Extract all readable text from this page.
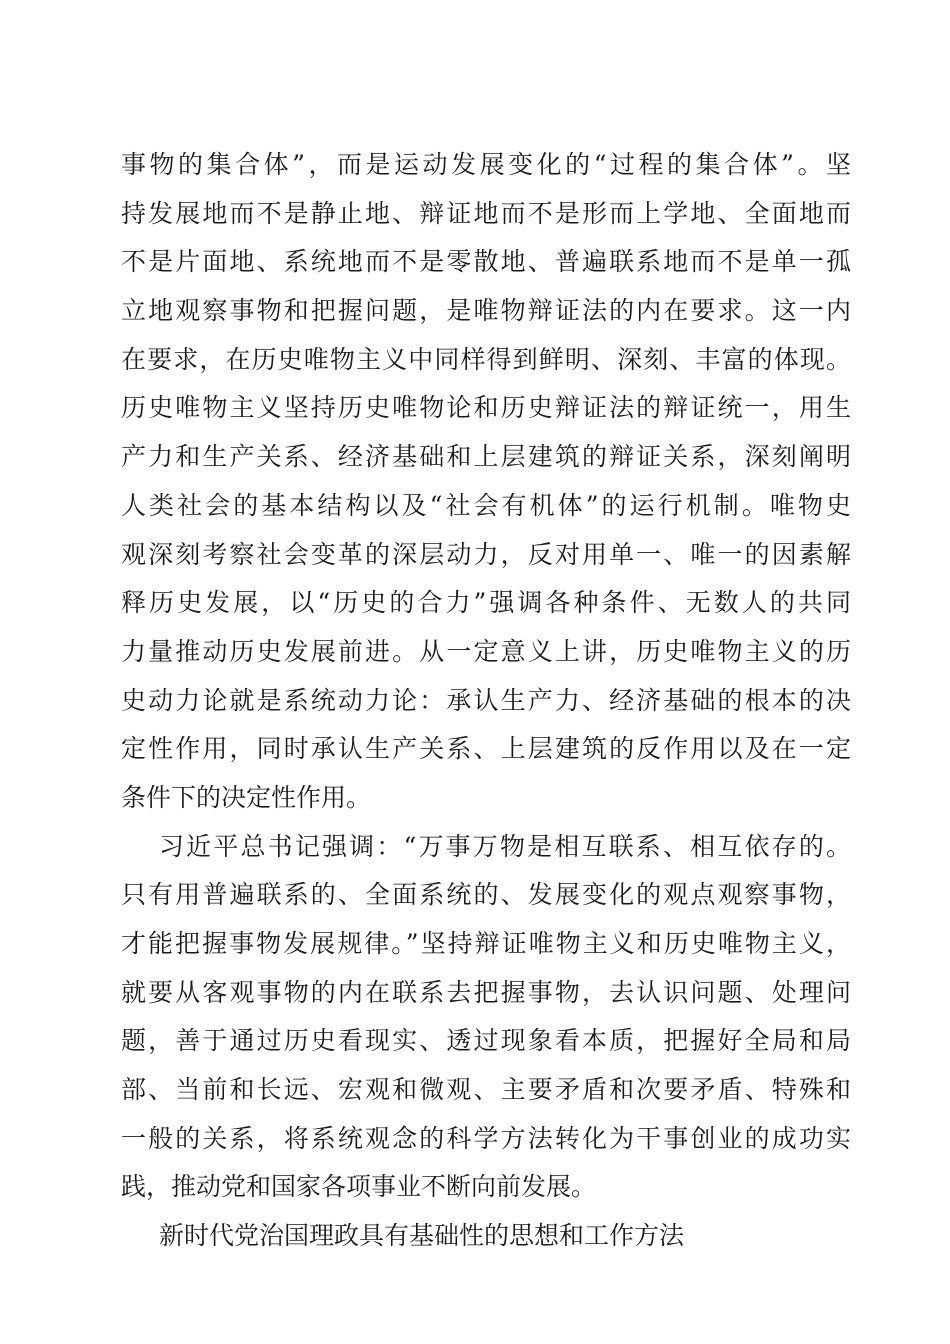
事物的集合体”，而是运动发展变化的“过程的集合体”。坚
持发展地而不是静止地、辩证地而不是形而上学地、全面地而
不是片面地、系统地而不是零散地、普遍联系地而不是单一孤
立地观察事物和把握问题，是唯物辩证法的内在要求。这一内
在要求，在历史唯物主义中同样得到鲜明、深刻、丰富的体现。
历史唯物主义坚持历史唯物论和历史辩证法的辩证统一，用生
产力和生产关系、经济基础和上层建筑的辩证关系，深刻阐明
人类社会的基本结构以及“社会有机体”的运行机制。唯物史
观深刻考察社会变革的深层动力，反对用单一、唯一的因素解
释历史发展，以“历史的合力”强调各种条件、无数人的共同
力量推动历史发展前进。从一定意义上讲，历史唯物主义的历
史动力论就是系统动力论：承认生产力、经济基础的根本的决
定性作用，同时承认生产关系、上层建筑的反作用以及在一定
条件下的决定性作用。
习近平总书记强调：“万事万物是相互联系、相互依存的。
只有用普遍联系的、全面系统的、发展变化的观点观察事物，
才能把握事物发展规律。”坚持辩证唯物主义和历史唯物主义，
就要从客观事物的内在联系去把握事物，去认识问题、处理问
题，善于通过历史看现实、透过现象看本质，把握好全局和局
部、当前和长远、宏观和微观、主要矛盾和次要矛盾、特殊和
一般的关系，将系统观念的科学方法转化为干事创业的成功实
践，推动党和国家各项事业不断向前发展。
新时代党治国理政具有基础性的思想和工作方法
